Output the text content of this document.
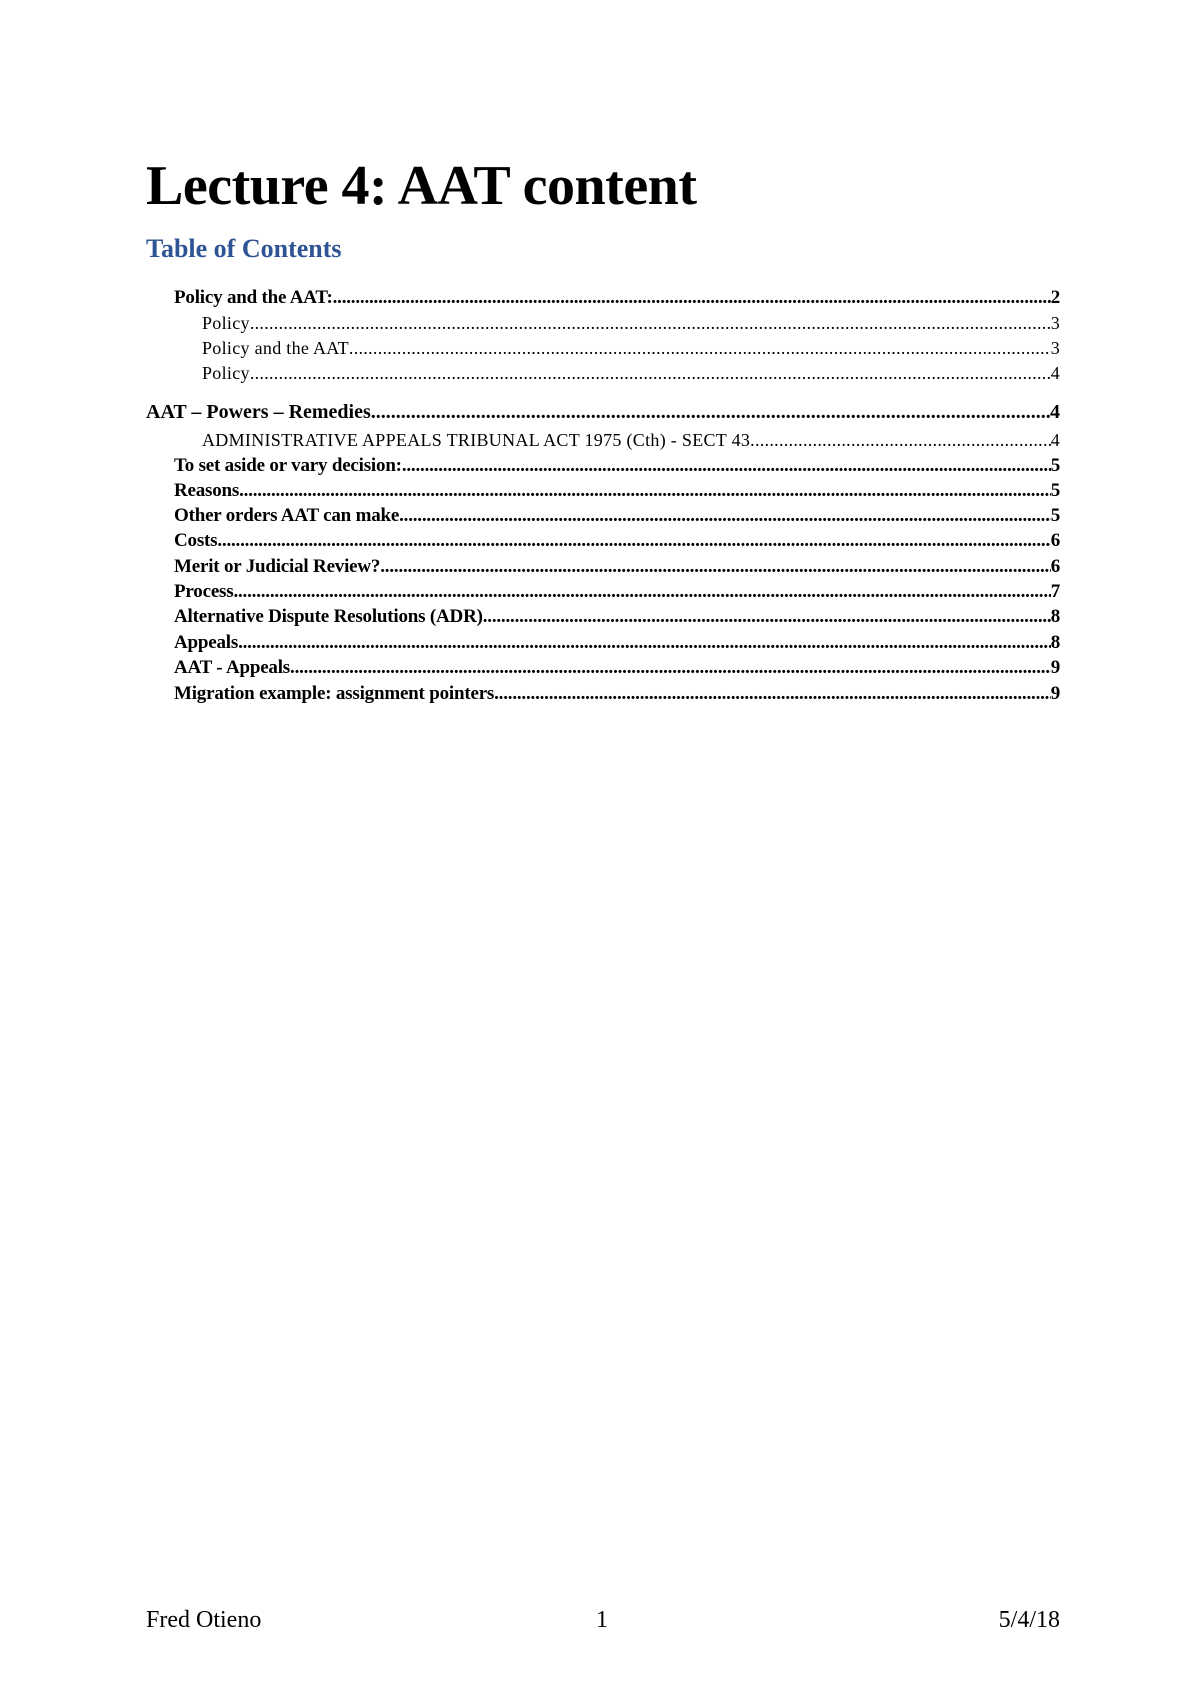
Lecture 4: AAT content
Table of Contents
Policy and the AAT: .....	2
Policy .....	3
Policy and the AAT .....	3
Policy .....	4
AAT – Powers – Remedies .....	4
ADMINISTRATIVE APPEALS TRIBUNAL ACT 1975 (Cth) - SECT 43 .....	4
To set aside or vary decision: .....	5
Reasons .....	5
Other orders AAT can make .....	5
Costs .....	6
Merit or Judicial Review? .....	6
Process .....	7
Alternative Dispute Resolutions (ADR) .....	8
Appeals .....	8
AAT - Appeals .....	9
Migration example: assignment pointers .....	9
Fred Otieno	1	5/4/18
